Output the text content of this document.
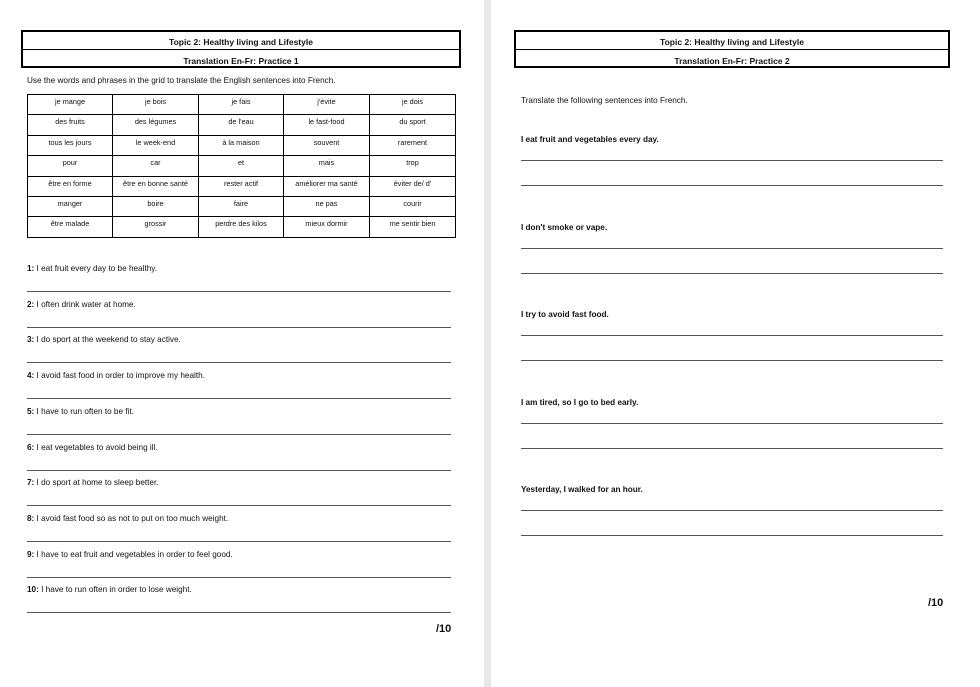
Topic 2: Healthy living and Lifestyle
Translation En-Fr: Practice 1
Use the words and phrases in the grid to translate the English sentences into French.
je mange	je bois	je fais	j'évite	je dois
des fruits	des légumes	de l'eau	le fast-food	du sport
tous les jours	le week-end	à la maison	souvent	rarement
pour	car	et	mais	trop
être en forme	être en bonne santé	rester actif	améliorer ma santé	éviter de/ d'
manger	boire	faire	ne pas	courir
être malade	grossir	perdre des kilos	mieux dormir	me sentir bien
1: I eat fruit every day to be healthy.
2: I often drink water at home.
3: I do sport at the weekend to stay active.
4: I avoid fast food in order to improve my health.
5: I have to run often to be fit.
6: I eat vegetables to avoid being ill.
7: I do sport at home to sleep better.
8: I avoid fast food so as not to put on too much weight.
9: I have to eat fruit and vegetables in order to feel good.
10: I have to run often in order to lose weight.
/10
Topic 2: Healthy living and Lifestyle
Translation En-Fr: Practice 2
Translate the following sentences into French.
I eat fruit and vegetables every day.
I don't smoke or vape.
I try to avoid fast food.
I am tired, so I go to bed early.
Yesterday, I walked for an hour.
/10
